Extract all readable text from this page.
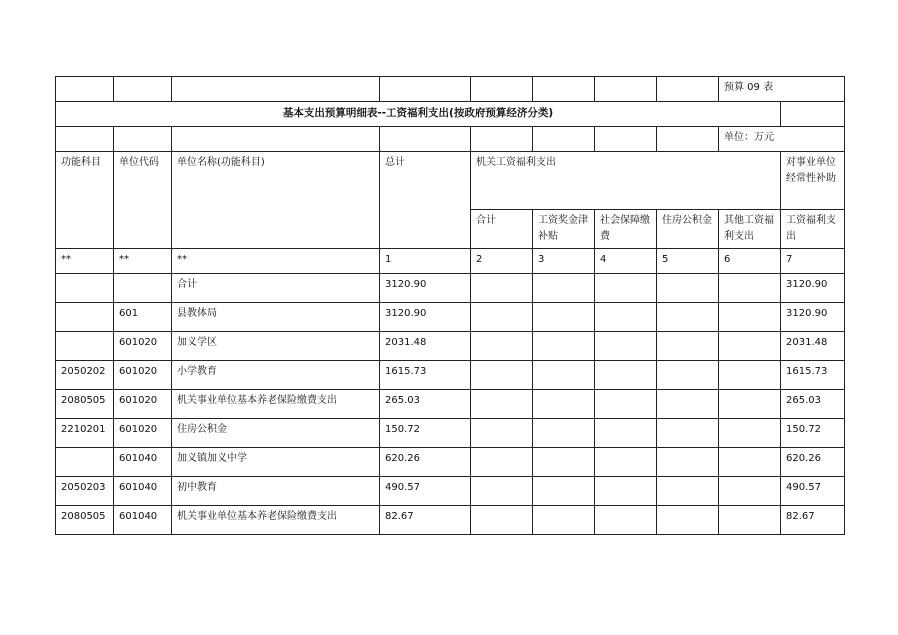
								预算 09 表	
基本支出预算明细表--工资福利支出(按政府预算经济分类)									
								单位：万元	
功能科目	单位代码	单位名称(功能科目)	总计	机关工资福利支出					对事业单位经常性补助
				合计	工资奖金津补贴	社会保障缴费	住房公积金	其他工资福利支出	工资福利支出
**	**	**	1	2	3	4	5	6	7
		合计	3120.90						3120.90
	601	县教体局	3120.90						3120.90
	601020	加义学区	2031.48						2031.48
2050202	601020	小学教育	1615.73						1615.73
2080505	601020	机关事业单位基本养老保险缴费支出	265.03						265.03
2210201	601020	住房公积金	150.72						150.72
	601040	加义镇加义中学	620.26						620.26
2050203	601040	初中教育	490.57						490.57
2080505	601040	机关事业单位基本养老保险缴费支出	82.67						82.67
